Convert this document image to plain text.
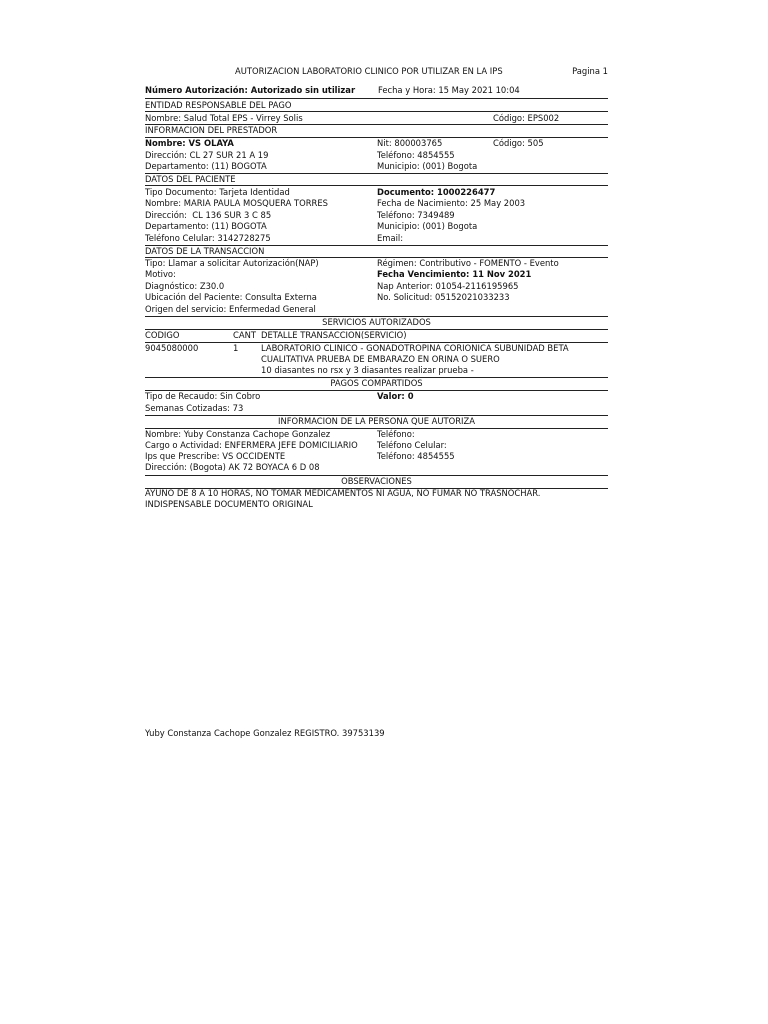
AUTORIZACION LABORATORIO CLINICO POR UTILIZAR EN LA IPS	Pagina 1
Número Autorización: Autorizado sin utilizar	Fecha y Hora: 15 May 2021 10:04
ENTIDAD RESPONSABLE DEL PAGO
Nombre: Salud Total EPS - Virrey Solis	Código: EPS002
INFORMACION DEL PRESTADOR
Nombre: VS OLAYA	Nit: 800003765	Código: 505
Dirección: CL 27 SUR 21 A 19	Teléfono: 4854555
Departamento: (11) BOGOTA	Municipio: (001) Bogota
DATOS DEL PACIENTE
Tipo Documento: Tarjeta Identidad	Documento: 1000226477
Nombre: MARIA PAULA MOSQUERA TORRES	Fecha de Nacimiento: 25 May 2003
Dirección:  CL 136 SUR 3 C 85	Teléfono: 7349489
Departamento: (11) BOGOTA	Municipio: (001) Bogota
Teléfono Celular: 3142728275	Email:
DATOS DE LA TRANSACCION
Tipo: Llamar a solicitar Autorización(NAP)	Régimen: Contributivo - FOMENTO - Evento
Motivo:	Fecha Vencimiento: 11 Nov 2021
Diagnóstico: Z30.0	Nap Anterior: 01054-2116195965
Ubicación del Paciente: Consulta Externa	No. Solicitud: 05152021033233
Origen del servicio: Enfermedad General
SERVICIOS AUTORIZADOS
CODIGO	CANT DETALLE TRANSACCION(SERVICIO)
9045080000	1	LABORATORIO CLINICO - GONADOTROPINA CORIONICA SUBUNIDAD BETA
CUALITATIVA PRUEBA DE EMBARAZO EN ORINA O SUERO
10 diasantes no rsx y 3 diasantes realizar prueba -
PAGOS COMPARTIDOS
Tipo de Recaudo: Sin Cobro	Valor: 0
Semanas Cotizadas: 73
INFORMACION DE LA PERSONA QUE AUTORIZA
Nombre: Yuby Constanza Cachope Gonzalez	Teléfono:
Cargo o Actividad: ENFERMERA JEFE DOMICILIARIO Teléfono Celular:
Ips que Prescribe: VS OCCIDENTE	Teléfono: 4854555
Dirección: (Bogota) AK 72 BOYACA 6 D 08
OBSERVACIONES
AYUNO DE 8 A 10 HORAS, NO TOMAR MEDICAMENTOS NI AGUA, NO FUMAR NO TRASNOCHAR.
INDISPENSABLE DOCUMENTO ORIGINAL
Yuby Constanza Cachope Gonzalez REGISTRO. 39753139
